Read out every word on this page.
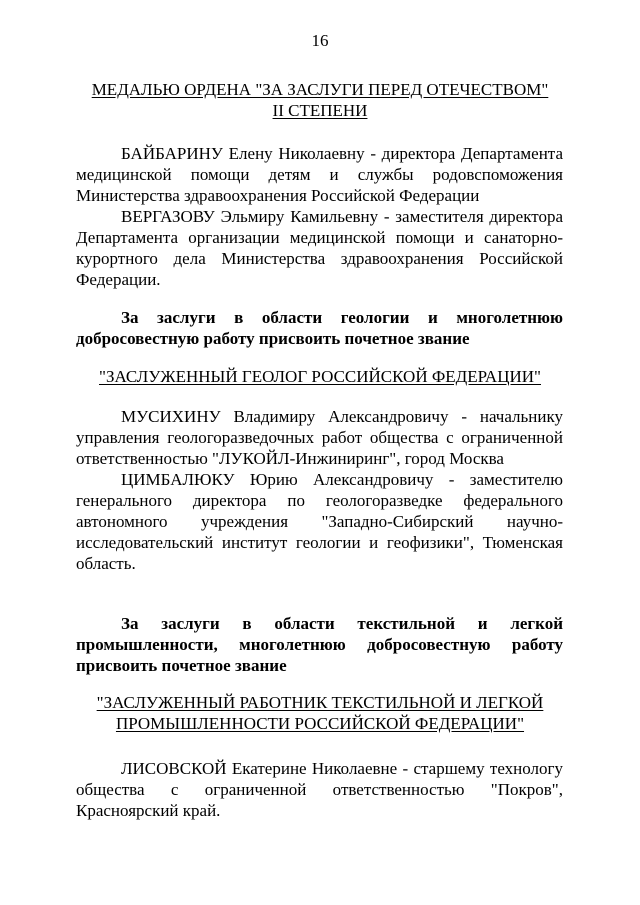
16
МЕДАЛЬЮ ОРДЕНА "ЗА ЗАСЛУГИ ПЕРЕД ОТЕЧЕСТВОМ"
II СТЕПЕНИ

БАЙБАРИНУ Елену Николаевну - директора Департамента медицинской помощи детям и службы родовспоможения Министерства здравоохранения Российской Федерации

ВЕРГАЗОВУ Эльмиру Камильевну - заместителя директора Департамента организации медицинской помощи и санаторно-курортного дела Министерства здравоохранения Российской Федерации.

За заслуги в области геологии и многолетнюю добросовестную работу присвоить почетное звание

"ЗАСЛУЖЕННЫЙ ГЕОЛОГ РОССИЙСКОЙ ФЕДЕРАЦИИ"

МУСИХИНУ Владимиру Александровичу - начальнику управления геологоразведочных работ общества с ограниченной ответственностью "ЛУКОЙЛ-Инжиниринг", город Москва

ЦИМБАЛЮКУ Юрию Александровичу - заместителю генерального директора по геологоразведке федерального автономного учреждения "Западно-Сибирский научно-исследовательский институт геологии и геофизики", Тюменская область.

За заслуги в области текстильной и легкой промышленности, многолетнюю добросовестную работу присвоить почетное звание

"ЗАСЛУЖЕННЫЙ РАБОТНИК ТЕКСТИЛЬНОЙ И ЛЕГКОЙ
ПРОМЫШЛЕННОСТИ РОССИЙСКОЙ ФЕДЕРАЦИИ"

ЛИСОВСКОЙ Екатерине Николаевне - старшему технологу общества с ограниченной ответственностью "Покров", Красноярский край.
